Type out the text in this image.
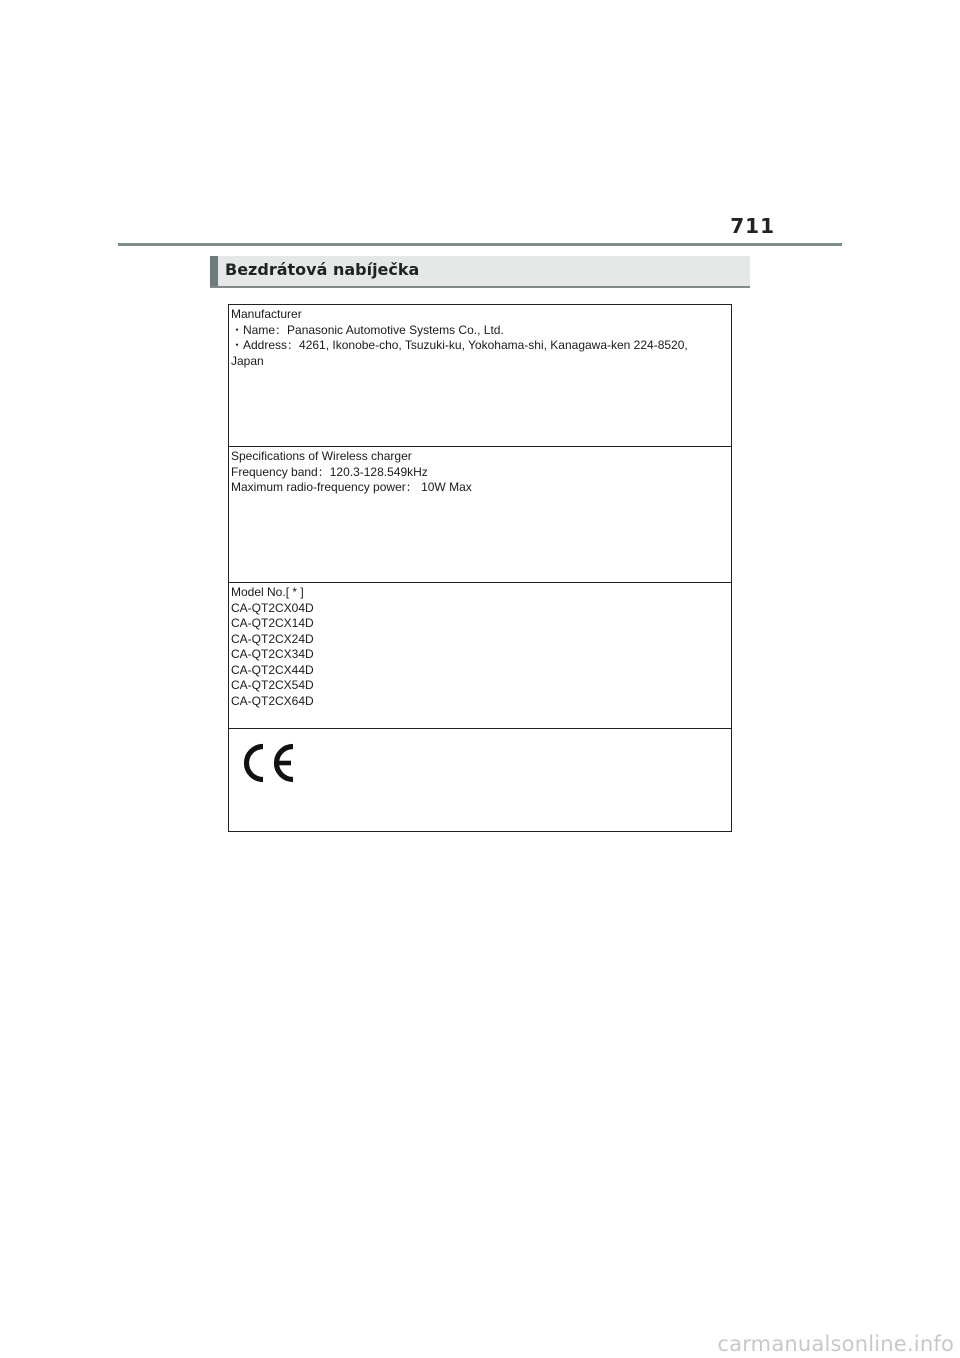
711
Bezdrátová nabíječka
Manufacturer
・Name：Panasonic Automotive Systems Co., Ltd.
・Address：4261, Ikonobe-cho, Tsuzuki-ku, Yokohama-shi, Kanagawa-ken 224-8520,
Japan
Specifications of Wireless charger
Frequency band：120.3-128.549kHz
Maximum radio-frequency power： 10W Max
Model No.[ * ]
CA-QT2CX04D
CA-QT2CX14D
CA-QT2CX24D
CA-QT2CX34D
CA-QT2CX44D
CA-QT2CX54D
CA-QT2CX64D
carmanualsonline.info
